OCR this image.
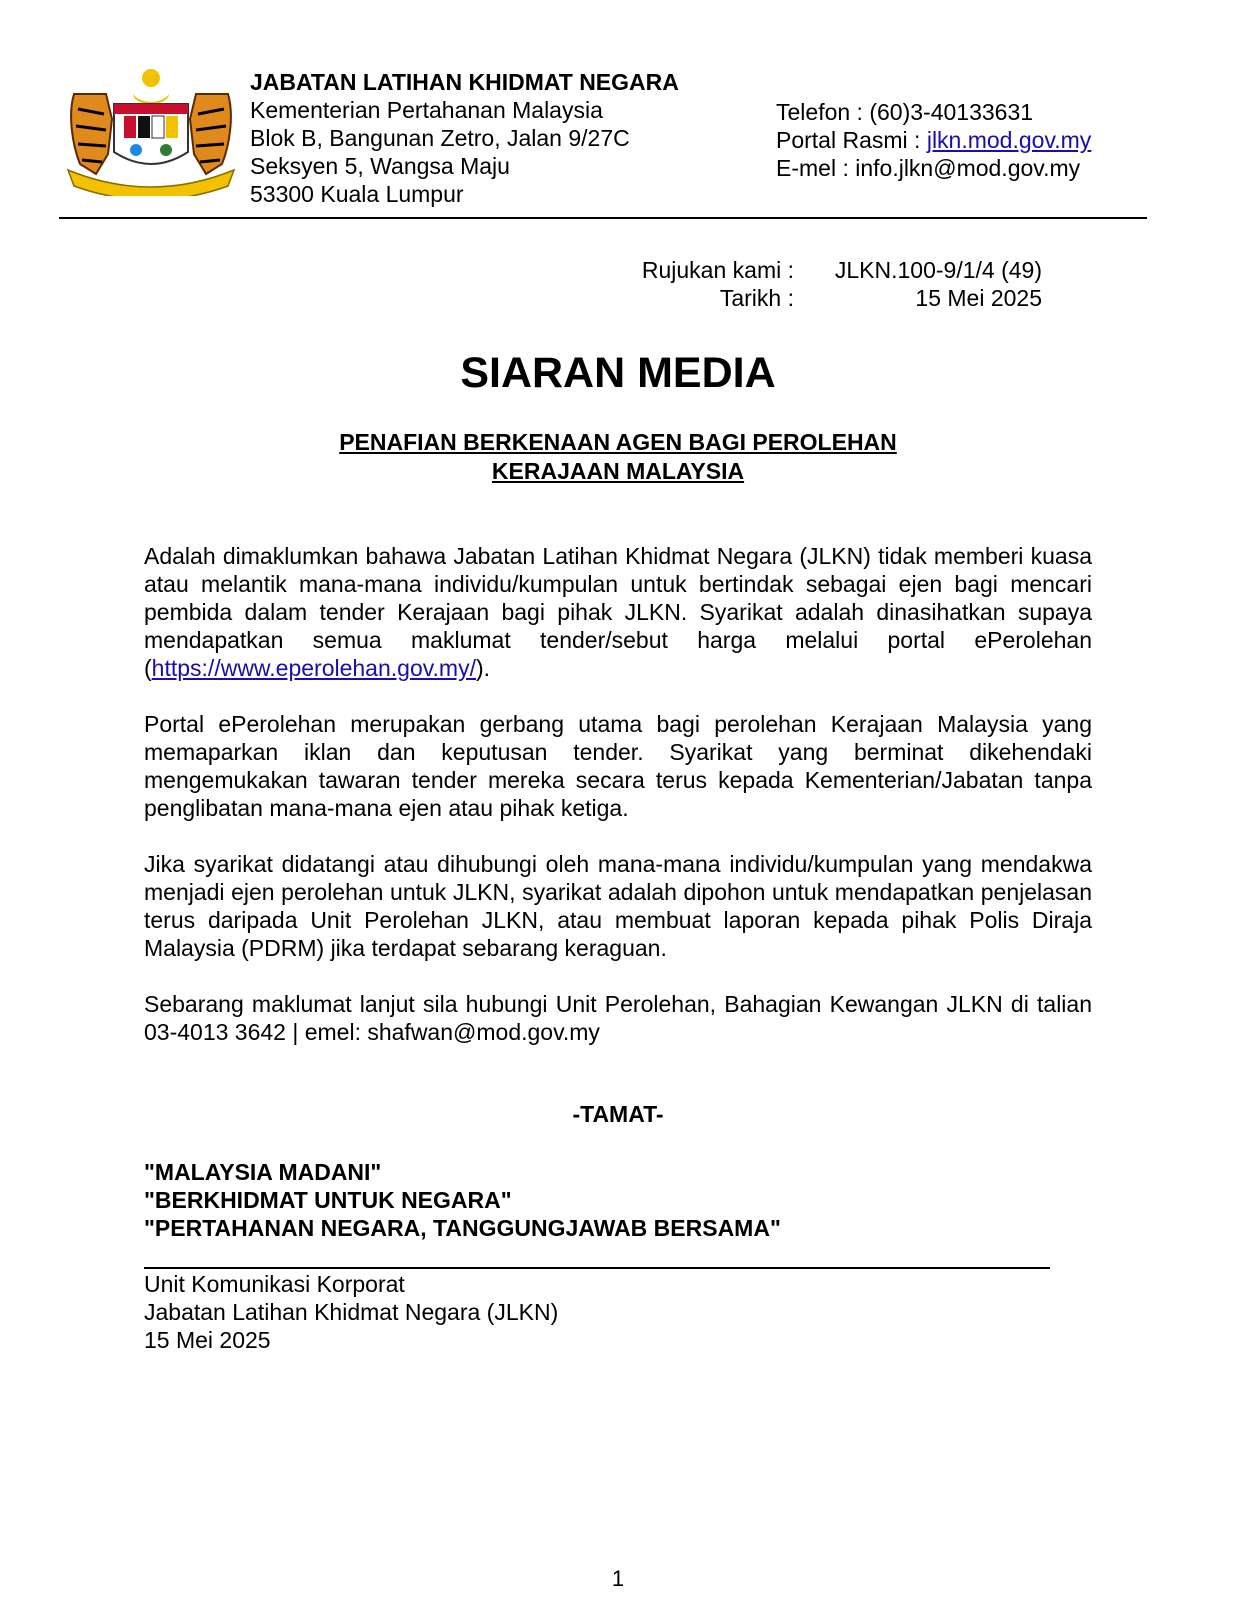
JABATAN LATIHAN KHIDMAT NEGARA
Kementerian Pertahanan Malaysia
Blok B, Bangunan Zetro, Jalan 9/27C
Seksyen 5, Wangsa Maju
53300 Kuala Lumpur
Telefon : (60)3-40133631
Portal Rasmi : jlkn.mod.gov.my
E-mel : info.jlkn@mod.gov.my
Rujukan kami :
Tarikh :
JLKN.100-9/1/4 (49)
15 Mei 2025
SIARAN MEDIA
PENAFIAN BERKENAAN AGEN BAGI PEROLEHAN
KERAJAAN MALAYSIA
Adalah dimaklumkan bahawa Jabatan Latihan Khidmat Negara (JLKN) tidak memberi kuasa atau melantik mana-mana individu/kumpulan untuk bertindak sebagai ejen bagi mencari pembida dalam tender Kerajaan bagi pihak JLKN. Syarikat adalah dinasihatkan supaya mendapatkan semua maklumat tender/sebut harga melalui portal ePerolehan (https://www.eperolehan.gov.my/).
Portal ePerolehan merupakan gerbang utama bagi perolehan Kerajaan Malaysia yang memaparkan iklan dan keputusan tender. Syarikat yang berminat dikehendaki mengemukakan tawaran tender mereka secara terus kepada Kementerian/Jabatan tanpa penglibatan mana-mana ejen atau pihak ketiga.
Jika syarikat didatangi atau dihubungi oleh mana-mana individu/kumpulan yang mendakwa menjadi ejen perolehan untuk JLKN, syarikat adalah dipohon untuk mendapatkan penjelasan terus daripada Unit Perolehan JLKN, atau membuat laporan kepada pihak Polis Diraja Malaysia (PDRM) jika terdapat sebarang keraguan.
Sebarang maklumat lanjut sila hubungi Unit Perolehan, Bahagian Kewangan JLKN di talian 03-4013 3642 | emel: shafwan@mod.gov.my
-TAMAT-
"MALAYSIA MADANI"
"BERKHIDMAT UNTUK NEGARA"
"PERTAHANAN NEGARA, TANGGUNGJAWAB BERSAMA"
Unit Komunikasi Korporat
Jabatan Latihan Khidmat Negara (JLKN)
15 Mei 2025
1
